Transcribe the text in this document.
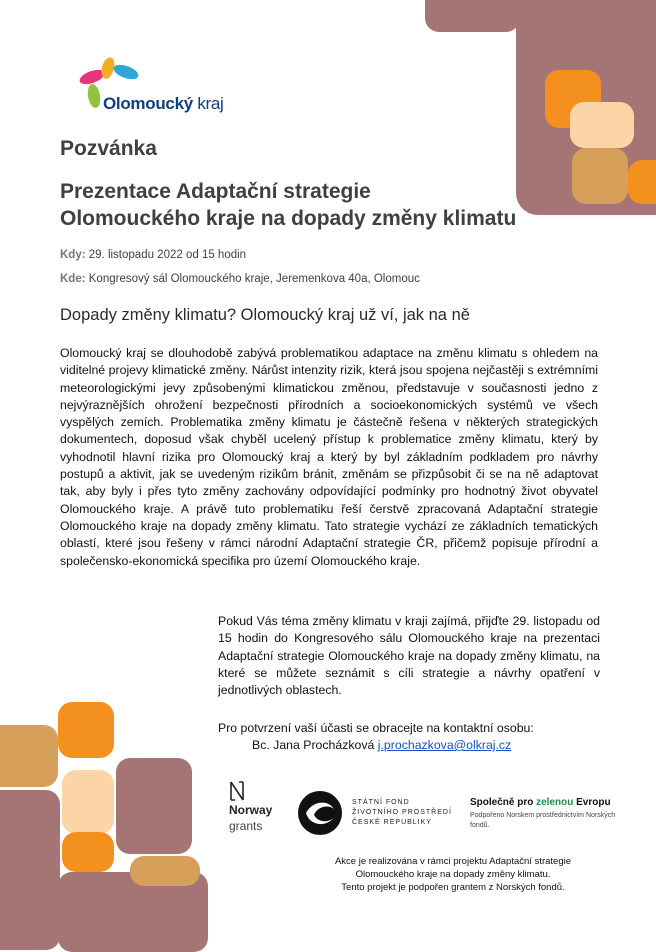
Olomoucký kraj
Pozvánka
Prezentace Adaptační strategie
Olomouckého kraje na dopady změny klimatu
Kdy: 29. listopadu 2022 od 15 hodin
Kde: Kongresový sál Olomouckého kraje, Jeremenkova 40a, Olomouc
Dopady změny klimatu? Olomoucký kraj už ví, jak na ně
Olomoucký kraj se dlouhodobě zabývá problematikou adaptace na změnu klimatu s ohledem na viditelné projevy klimatické změny. Nárůst intenzity rizik, která jsou spojena nejčastěji s extrémními meteorologickými jevy způsobenými klimatickou změnou, představuje v současnosti jedno z nejvýraznějších ohrožení bezpečnosti přírodních a socioekonomických systémů ve všech vyspělých zemích. Problematika změny klimatu je částečně řešena v některých strategických dokumentech, doposud však chyběl ucelený přístup k problematice změny klimatu, který by vyhodnotil hlavní rizika pro Olomoucký kraj a který by byl základním podkladem pro návrhy postupů a aktivit, jak se uvedeným rizikům bránit, změnám se přizpůsobit či se na ně adaptovat tak, aby byly i přes tyto změny zachovány odpovídající podmínky pro hodnotný život obyvatel Olomouckého kraje. A právě tuto problematiku řeší čerstvě zpracovaná Adaptační strategie Olomouckého kraje na dopady změny klimatu. Tato strategie vychází ze základních tematických oblastí, které jsou řešeny v rámci národní Adaptační strategie ČR, přičemž popisuje přírodní a společensko-ekonomická specifika pro území Olomouckého kraje.
Pokud Vás téma změny klimatu v kraji zajímá, přijďte 29. listopadu od 15 hodin do Kongresového sálu Olomouckého kraje na prezentaci Adaptační strategie Olomouckého kraje na dopady změny klimatu, na které se můžete seznámit s cíli strategie a návrhy opatření v jednotlivých oblastech.
Pro potvrzení vaší účasti se obracejte na kontaktní osobu:
Bc. Jana Procházková j.prochazkova@olkraj.cz
Norway
grants
STÁTNÍ FOND
ŽIVOTNÍHO PROSTŘEDÍ
ČESKÉ REPUBLIKY
Společně pro zelenou Evropu
Podpořeno Norskem prostřednictvím Norských fondů.
Akce je realizována v rámci projektu Adaptační strategie
Olomouckého kraje na dopady změny klimatu.
Tento projekt je podpořen grantem z Norských fondů.
